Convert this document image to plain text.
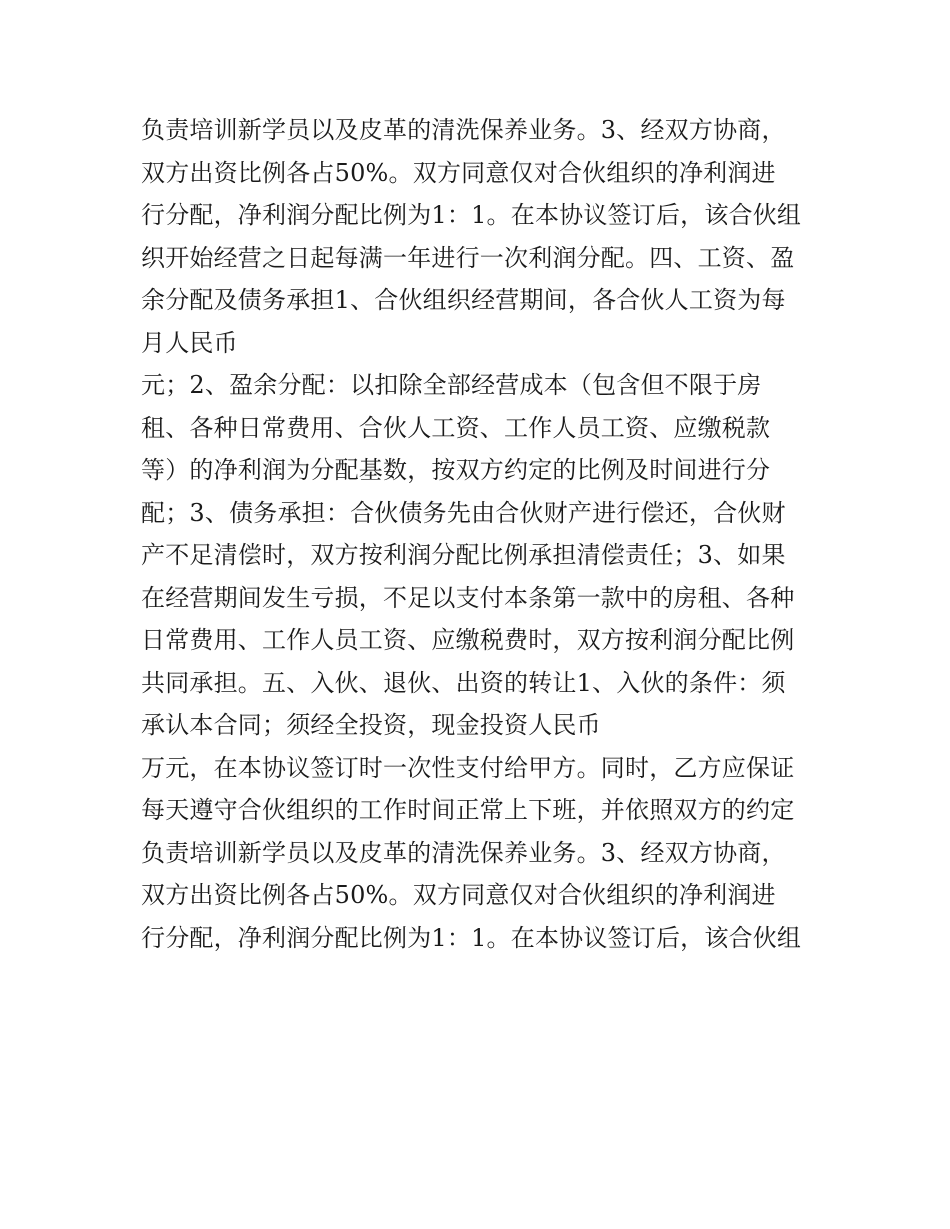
负责培训新学员以及皮革的清洗保养业务。3、经双方协商，
双方出资比例各占50%。双方同意仅对合伙组织的净利润进
行分配，净利润分配比例为1：1。在本协议签订后，该合伙组
织开始经营之日起每满一年进行一次利润分配。四、工资、盈
余分配及债务承担1、合伙组织经营期间，各合伙人工资为每
月人民币
元；2、盈余分配：以扣除全部经营成本（包含但不限于房
租、各种日常费用、合伙人工资、工作人员工资、应缴税款
等）的净利润为分配基数，按双方约定的比例及时间进行分
配；3、债务承担：合伙债务先由合伙财产进行偿还，合伙财
产不足清偿时，双方按利润分配比例承担清偿责任；3、如果
在经营期间发生亏损，不足以支付本条第一款中的房租、各种
日常费用、工作人员工资、应缴税费时，双方按利润分配比例
共同承担。五、入伙、退伙、出资的转让1、入伙的条件：须
承认本合同；须经全投资，现金投资人民币
万元，在本协议签订时一次性支付给甲方。同时，乙方应保证
每天遵守合伙组织的工作时间正常上下班，并依照双方的约定
负责培训新学员以及皮革的清洗保养业务。3、经双方协商，
双方出资比例各占50%。双方同意仅对合伙组织的净利润进
行分配，净利润分配比例为1：1。在本协议签订后，该合伙组
